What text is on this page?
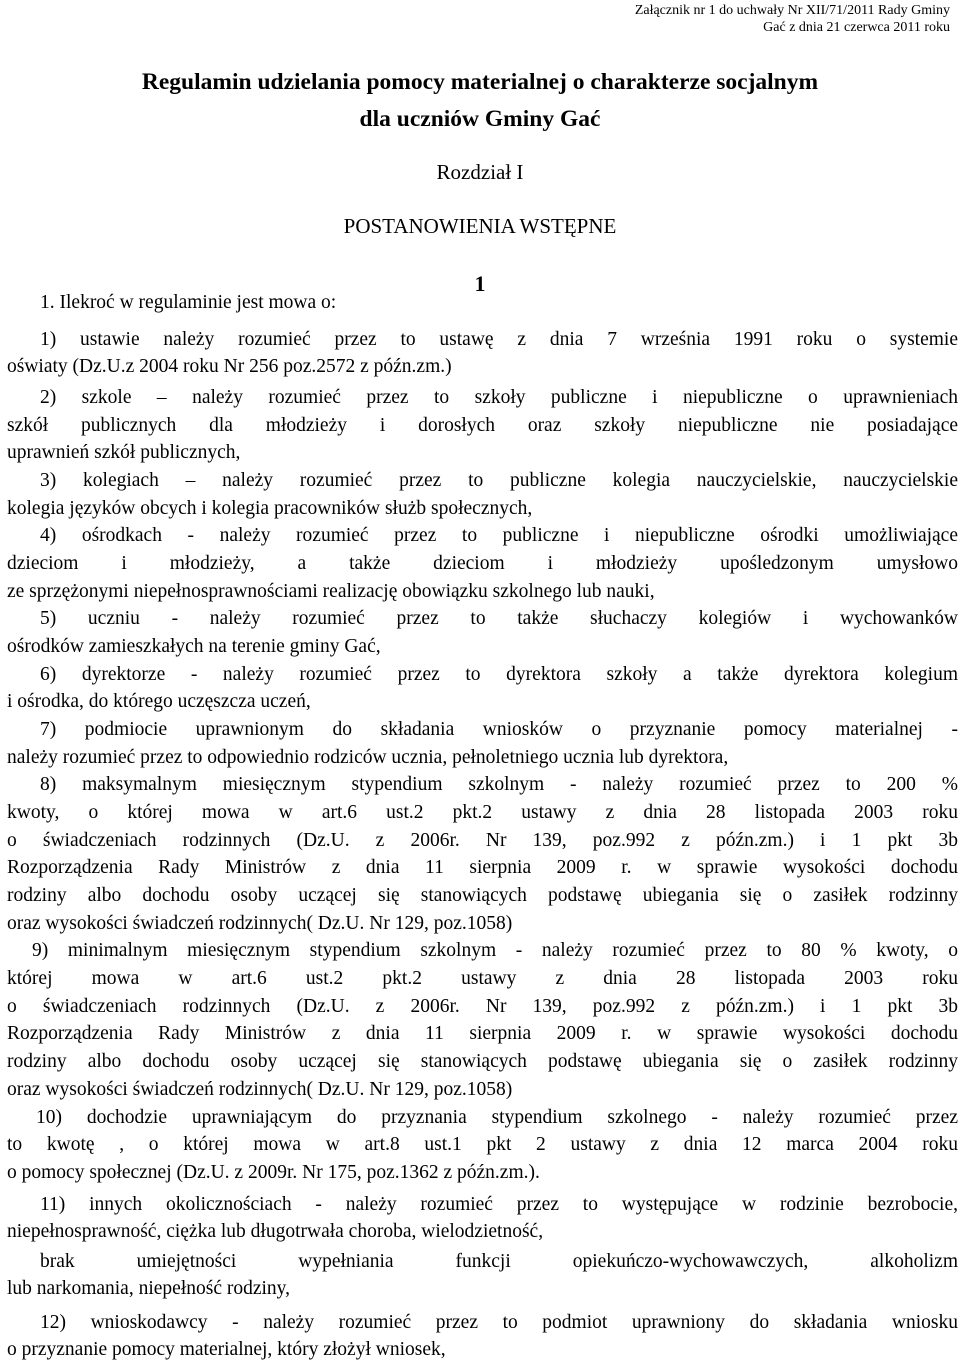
Załącznik nr 1 do uchwały Nr XII/71/2011 Rady Gminy
Gać z dnia 21 czerwca 2011 roku
Regulamin udzielania pomocy materialnej o charakterze socjalnym
dla uczniów Gminy Gać
Rozdział I
POSTANOWIENIA WSTĘPNE
1
1. Ilekroć w regulaminie jest mowa o:
1) ustawie należy rozumieć przez to ustawę z dnia 7 września 1991 roku o systemie
oświaty (Dz.U.z 2004 roku Nr 256 poz.2572 z późn.zm.)
2) szkole – należy rozumieć przez to szkoły publiczne i niepubliczne o uprawnieniach
szkół publicznych dla młodzieży i dorosłych oraz szkoły niepubliczne nie posiadające
uprawnień szkół publicznych,
3) kolegiach – należy rozumieć przez to publiczne kolegia nauczycielskie, nauczycielskie
kolegia języków obcych i kolegia pracowników służb społecznych,
4) ośrodkach - należy rozumieć przez to publiczne i niepubliczne ośrodki umożliwiające
dzieciom i młodzieży, a także dzieciom i młodzieży upośledzonym umysłowo
ze sprzężonymi niepełnosprawnościami realizację obowiązku szkolnego lub nauki,
5) uczniu - należy rozumieć przez to także słuchaczy kolegiów i wychowanków
ośrodków zamieszkałych na terenie gminy Gać,
6) dyrektorze - należy rozumieć przez to dyrektora szkoły a także dyrektora kolegium
i ośrodka, do którego uczęszcza uczeń,
7) podmiocie uprawnionym do składania wniosków o przyznanie pomocy materialnej -
należy rozumieć przez to odpowiednio rodziców ucznia, pełnoletniego ucznia lub dyrektora,
8) maksymalnym miesięcznym stypendium szkolnym - należy rozumieć przez to 200 %
kwoty, o której mowa w art.6 ust.2 pkt.2 ustawy z dnia 28 listopada 2003 roku
o świadczeniach rodzinnych (Dz.U. z 2006r. Nr 139, poz.992 z późn.zm.) i 1 pkt 3b
Rozporządzenia Rady Ministrów z dnia 11 sierpnia 2009 r. w sprawie wysokości dochodu
rodziny albo dochodu osoby uczącej się stanowiących podstawę ubiegania się o zasiłek rodzinny
oraz wysokości świadczeń rodzinnych( Dz.U. Nr 129, poz.1058)
9) minimalnym miesięcznym stypendium szkolnym - należy rozumieć przez to 80 % kwoty, o
której mowa w art.6 ust.2 pkt.2 ustawy z dnia 28 listopada 2003 roku
o świadczeniach rodzinnych (Dz.U. z 2006r. Nr 139, poz.992 z późn.zm.) i 1 pkt 3b
Rozporządzenia Rady Ministrów z dnia 11 sierpnia 2009 r. w sprawie wysokości dochodu
rodziny albo dochodu osoby uczącej się stanowiących podstawę ubiegania się o zasiłek rodzinny
oraz wysokości świadczeń rodzinnych( Dz.U. Nr 129, poz.1058)
10) dochodzie uprawniającym do przyznania stypendium szkolnego - należy rozumieć przez
to kwotę , o której mowa w art.8 ust.1 pkt 2 ustawy z dnia 12 marca 2004 roku
o pomocy społecznej (Dz.U. z 2009r. Nr 175, poz.1362 z późn.zm.).
11) innych okolicznościach - należy rozumieć przez to występujące w rodzinie bezrobocie,
niepełnosprawność, ciężka lub długotrwała choroba, wielodzietność,
brak umiejętności wypełniania funkcji opiekuńczo-wychowawczych, alkoholizm
lub narkomania, niepełność rodziny,
12) wnioskodawcy - należy rozumieć przez to podmiot uprawniony do składania wniosku
o przyznanie pomocy materialnej, który złożył wniosek,
